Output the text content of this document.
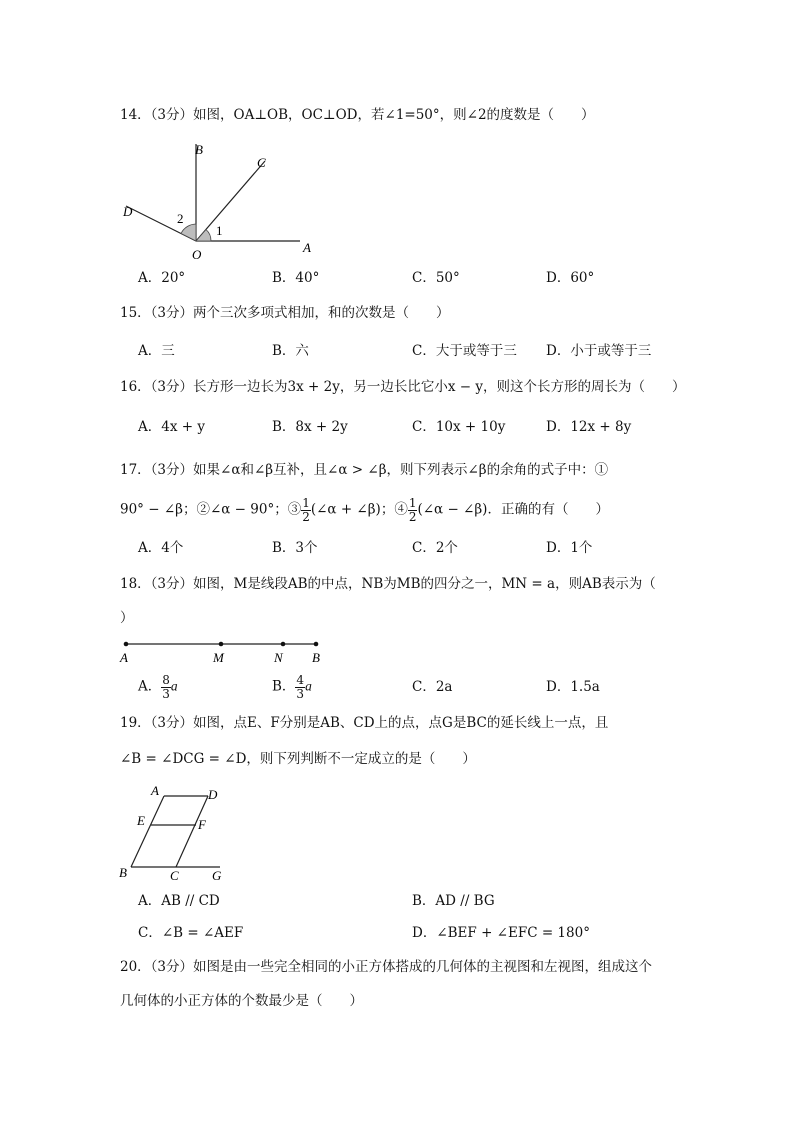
14．（3分）如图，OA⊥OB，OC⊥OD，若∠1=50°，则∠2的度数是（　　）
B
C
D
O	A
1
2
A．20°	B．40°	C．50°	D．60°
15．（3分）两个三次多项式相加，和的次数是（　　）
A．三	B．六	C．大于或等于三 D．小于或等于三
16．（3分）长方形一边长为3x + 2y，另一边长比它小x − y，则这个长方形的周长为（　　）
A．4x + y	B．8x + 2y	C．10x + 10y	D．12x + 8y
17．（3分）如果∠α和∠β互补，且∠α > ∠β，则下列表示∠β的余角的式子中：①
90° − ∠β；②∠α − 90°；③ $\frac{1}{2}$ (∠α + ∠β)；④ $\frac{1}{2}$ (∠α − ∠β)．正确的有（　　）
A．4个	B．3个	C．2个	D．1个
18．（3分）如图，M是线段AB的中点，NB为MB的四分之一，MN = a，则AB表示为（
）
A	M	N B
A． $\frac{8}{3}$ a	B． $\frac{4}{3}$ a	C．2a	D．1.5a
19．（3分）如图，点E、F分别是AB、CD上的点，点G是BC的延长线上一点，且
∠B = ∠DCG = ∠D，则下列判断不一定成立的是（　　）
A	D
E	F
B	C	G
A．AB // CD	B．AD // BG
C．∠B = ∠AEF	D．∠BEF + ∠EFC = 180°
20．（3分）如图是由一些完全相同的小正方体搭成的几何体的主视图和左视图，组成这个
几何体的小正方体的个数最少是（　　）
